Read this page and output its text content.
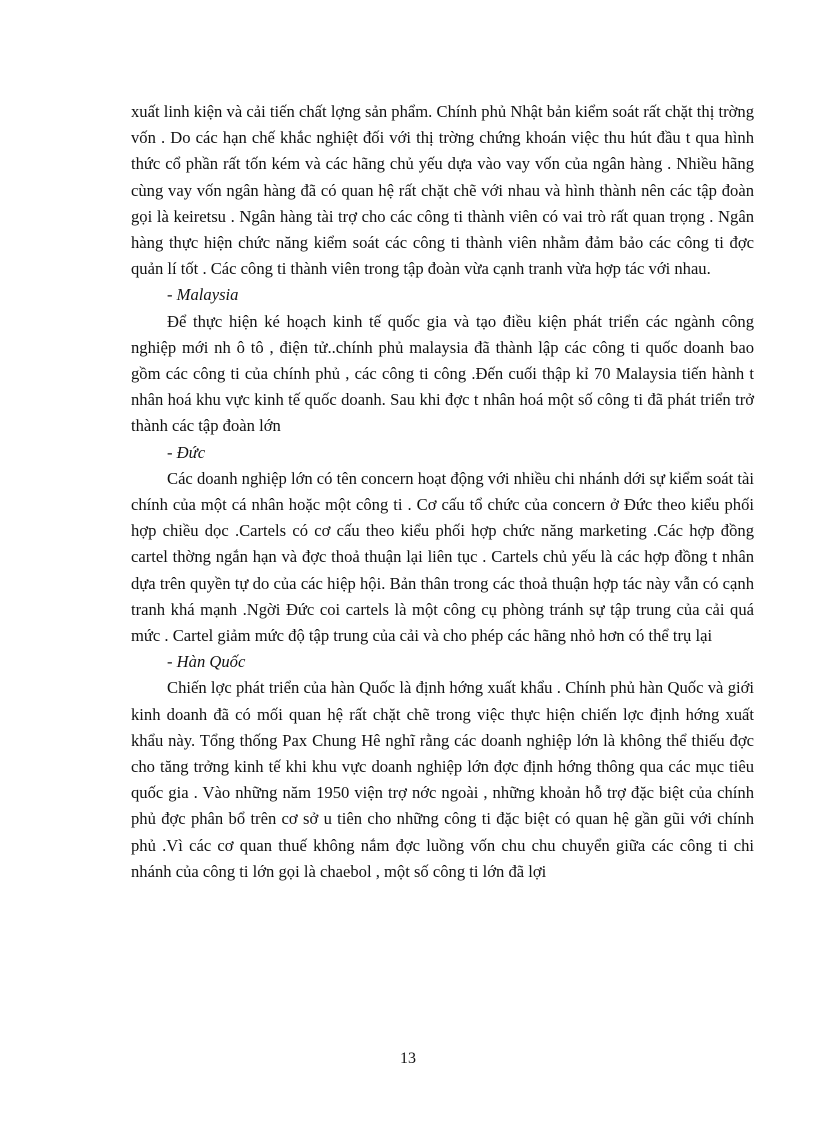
xuất linh kiện và cải tiến chất lợng sản phẩm. Chính phủ Nhật bản kiểm soát rất chặt thị trờng vốn . Do các hạn chế khắc nghiệt đối với thị trờng chứng khoán việc thu hút đầu t qua hình thức cổ phần rất tốn kém và các hãng chủ yếu dựa vào vay vốn của ngân hàng . Nhiều hãng cùng vay vốn ngân hàng đã có quan hệ rất chặt chẽ với nhau và hình thành nên các tập đoàn gọi là keiretsu . Ngân hàng tài trợ cho các công ti thành viên có vai trò rất quan trọng . Ngân hàng thực hiện chức năng kiểm soát các công ti thành viên nhằm đảm bảo các công ti đợc quản lí tốt . Các công ti thành viên trong tập đoàn vừa cạnh tranh vừa hợp tác với nhau.

- Malaysia

Để thực hiện ké hoạch kinh tế quốc gia và tạo điều kiện phát triển các ngành công nghiệp mới nh ô tô , điện tử..chính phủ malaysia đã thành lập các công ti quốc doanh bao gồm các công ti của chính phủ , các công ti công .Đến cuối thập kỉ 70 Malaysia tiến hành t nhân hoá khu vực kinh tế quốc doanh. Sau khi đợc t nhân hoá một số công ti đã phát triển trở thành các tập đoàn lớn

- Đức

Các doanh nghiệp lớn có tên concern hoạt động với nhiều chi nhánh dới sự kiểm soát tài chính của một cá nhân hoặc một công ti . Cơ cấu tổ chức của concern ở Đức theo kiểu phối hợp chiều dọc .Cartels có cơ cấu theo kiểu phối hợp chức năng marketing .Các hợp đồng cartel thờng ngắn hạn và đợc thoả thuận lại liên tục . Cartels chủ yếu là các hợp đồng t nhân dựa trên quyền tự do của các hiệp hội. Bản thân trong các thoả thuận hợp tác này vẫn có cạnh tranh khá mạnh .Ngời Đức coi cartels là một công cụ phòng tránh sự tập trung của cải quá mức . Cartel giảm mức độ tập trung của cải và cho phép các hãng nhỏ hơn có thể trụ lại

- Hàn Quốc

Chiến lợc phát triển của hàn Quốc là định hớng xuất khẩu . Chính phủ hàn Quốc và giới kinh doanh đã có mối quan hệ rất chặt chẽ trong việc thực hiện chiến lợc định hớng xuất khẩu này. Tổng thống Pax Chung Hê nghĩ rằng các doanh nghiệp lớn là không thể thiếu đợc cho tăng trởng kinh tế khi khu vực doanh nghiệp lớn đợc định hớng thông qua các mục tiêu quốc gia . Vào những năm 1950 viện trợ nớc ngoài , những khoản hỗ trợ đặc biệt của chính phủ đợc phân bổ trên cơ sở u tiên cho những công ti đặc biệt có quan hệ gần gũi với chính phủ .Vì các cơ quan thuế không nắm đợc luồng vốn chu chu chuyển giữa các công ti chi nhánh của công ti lớn gọi là chaebol , một số công ti lớn đã lợi

13
